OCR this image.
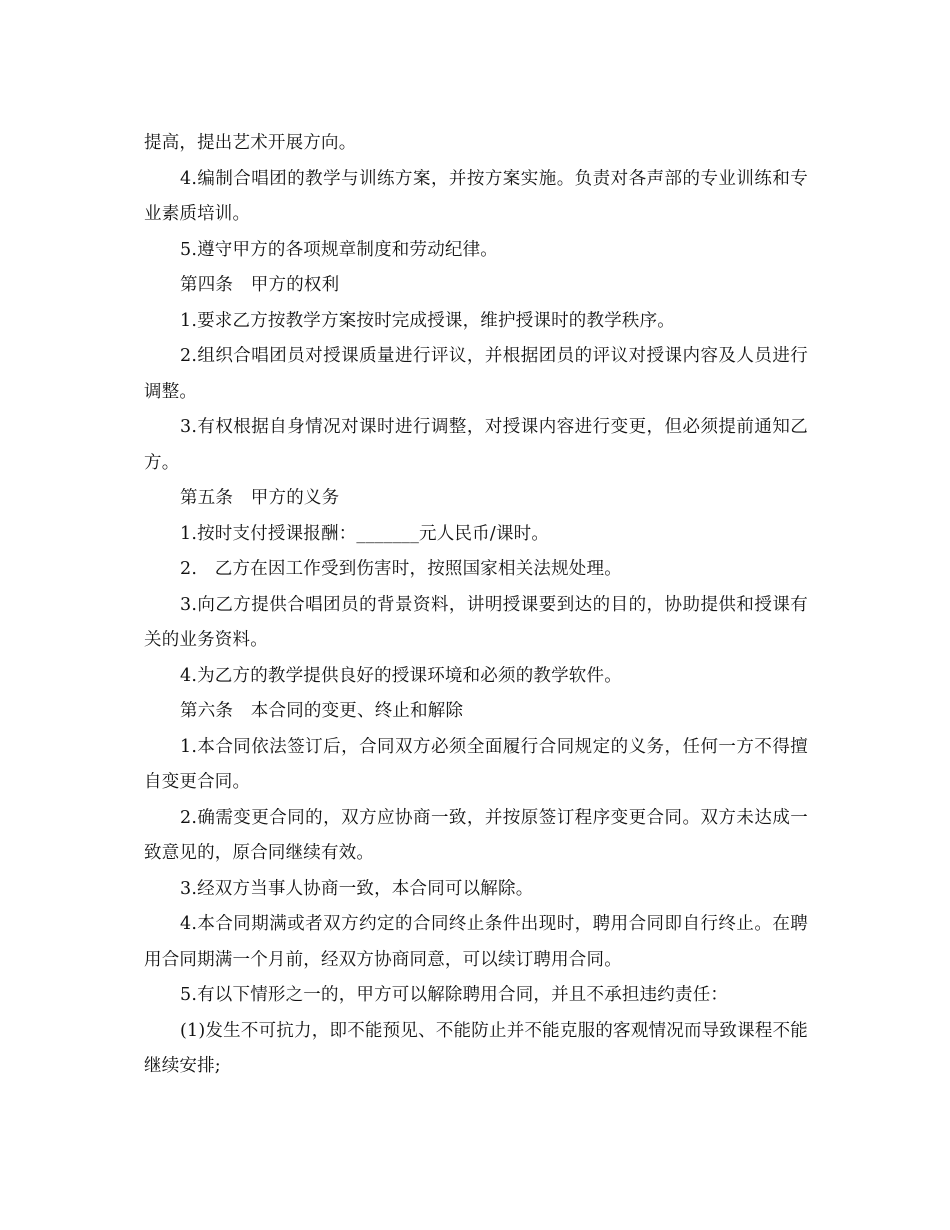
提高，提出艺术开展方向。

4.编制合唱团的教学与训练方案，并按方案实施。负责对各声部的专业训练和专业素质培训。

5.遵守甲方的各项规章制度和劳动纪律。

第四条　甲方的权利

1.要求乙方按教学方案按时完成授课，维护授课时的教学秩序。

2.组织合唱团员对授课质量进行评议，并根据团员的评议对授课内容及人员进行调整。

3.有权根据自身情况对课时进行调整，对授课内容进行变更，但必须提前通知乙方。

第五条　甲方的义务

1.按时支付授课报酬：_______元人民币/课时。

2.　乙方在因工作受到伤害时，按照国家相关法规处理。

3.向乙方提供合唱团员的背景资料，讲明授课要到达的目的，协助提供和授课有关的业务资料。

4.为乙方的教学提供良好的授课环境和必须的教学软件。

第六条　本合同的变更、终止和解除

1.本合同依法签订后，合同双方必须全面履行合同规定的义务，任何一方不得擅自变更合同。

2.确需变更合同的，双方应协商一致，并按原签订程序变更合同。双方未达成一致意见的，原合同继续有效。

3.经双方当事人协商一致，本合同可以解除。

4.本合同期满或者双方约定的合同终止条件出现时，聘用合同即自行终止。在聘用合同期满一个月前，经双方协商同意，可以续订聘用合同。

5.有以下情形之一的，甲方可以解除聘用合同，并且不承担违约责任：

(1)发生不可抗力，即不能预见、不能防止并不能克服的客观情况而导致课程不能继续安排;
